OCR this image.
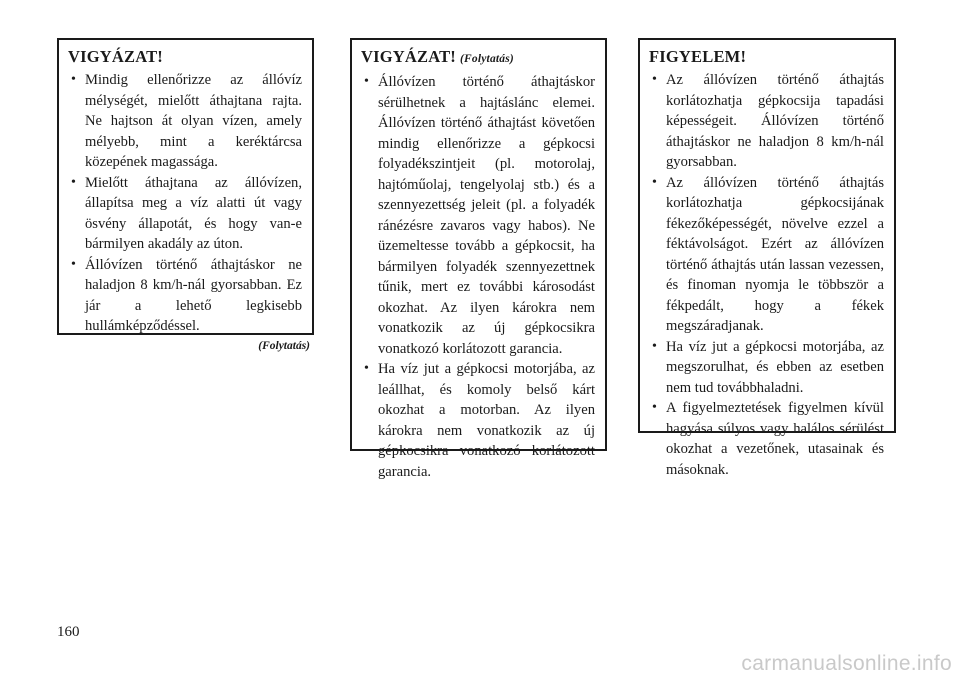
VIGYÁZAT!
• Mindig ellenőrizze az állóvíz mélységét, mielőtt áthajtana rajta. Ne hajtson át olyan vízen, amely mélyebb, mint a keréktárcsa közepének magassága.
• Mielőtt áthajtana az állóvízen, állapítsa meg a víz alatti út vagy ösvény állapotát, és hogy van-e bármilyen akadály az úton.
• Állóvízen történő áthajtáskor ne haladjon 8 km/h-nál gyorsabban. Ez jár a lehető legkisebb hullámképződéssel.
(Folytatás)
VIGYÁZAT! (Folytatás)
• Állóvízen történő áthajtáskor sérülhetnek a hajtáslánc elemei. Állóvízen történő áthajtást követően mindig ellenőrizze a gépkocsi folyadékszintjeit (pl. motorolaj, hajtóműolaj, tengelyolaj stb.) és a szennyezettség jeleit (pl. a folyadék ránézésre zavaros vagy habos). Ne üzemeltesse tovább a gépkocsit, ha bármilyen folyadék szennyezettnek tűnik, mert ez további károsodást okozhat. Az ilyen károkra nem vonatkozik az új gépkocsikra vonatkozó korlátozott garancia.
• Ha víz jut a gépkocsi motorjába, az leállhat, és komoly belső kárt okozhat a motorban. Az ilyen károkra nem vonatkozik az új gépkocsikra vonatkozó korlátozott garancia.
FIGYELEM!
• Az állóvízen történő áthajtás korlátozhatja gépkocsija tapadási képességeit. Állóvízen történő áthajtáskor ne haladjon 8 km/h-nál gyorsabban.
• Az állóvízen történő áthajtás korlátozhatja gépkocsijának fékezőképességét, növelve ezzel a féktávolságot. Ezért az állóvízen történő áthajtás után lassan vezessen, és finoman nyomja le többször a fékpedált, hogy a fékek megszáradjanak.
• Ha víz jut a gépkocsi motorjába, az megszorulhat, és ebben az esetben nem tud továbbhaladni.
• A figyelmeztetések figyelmen kívül hagyása súlyos vagy halálos sérülést okozhat a vezetőnek, utasainak és másoknak.
160
carmanualsonline.info
